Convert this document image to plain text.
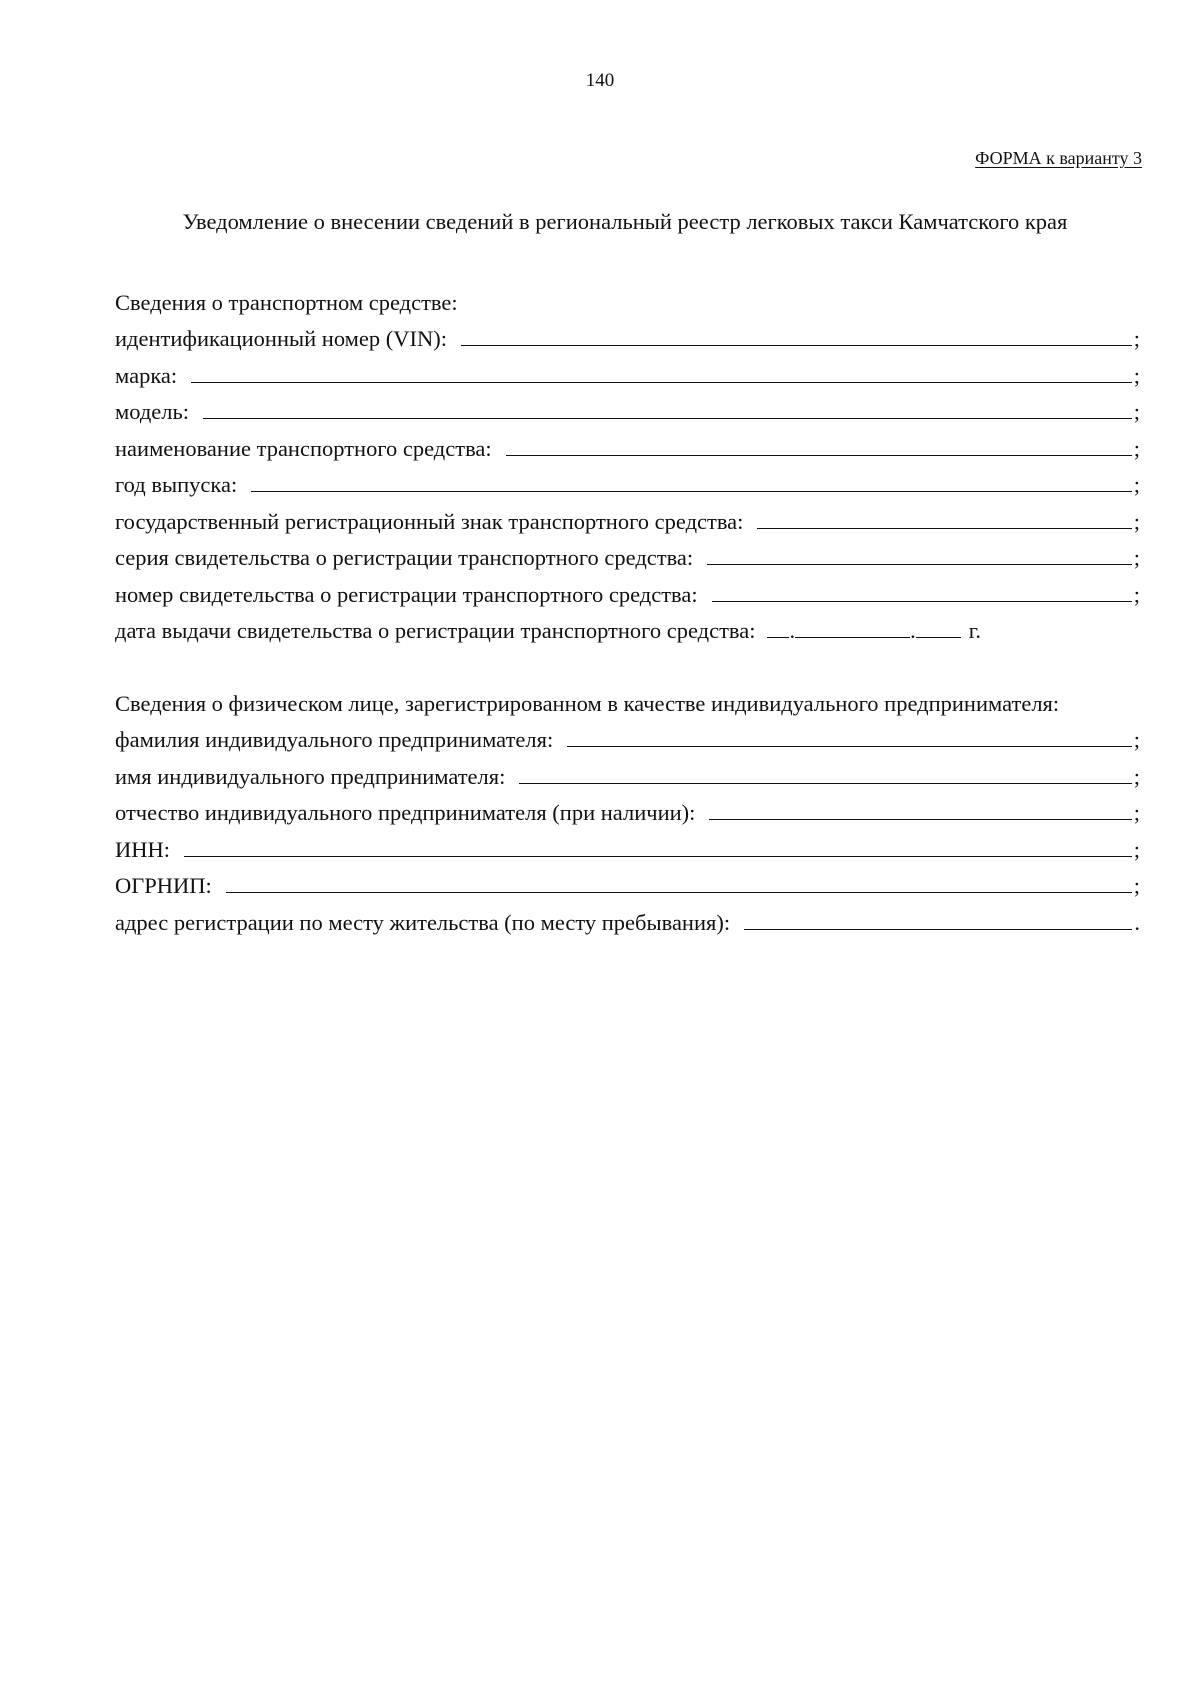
140
ФОРМА к варианту 3
Уведомление о внесении сведений в региональный реестр легковых такси Камчатского края
Сведения о транспортном средстве:
идентификационный номер (VIN):	;
марка:	;
модель:	;
наименование транспортного средства:	;
год выпуска:	;
государственный регистрационный знак транспортного средства:	;
серия свидетельства о регистрации транспортного средства:	;
номер свидетельства о регистрации транспортного средства:	;
дата выдачи свидетельства о регистрации транспортного средства: .	.	г.
Сведения о физическом лице, зарегистрированном в качестве индивидуального предпринимателя:
фамилия индивидуального предпринимателя:	;
имя индивидуального предпринимателя:	;
отчество индивидуального предпринимателя (при наличии):	;
ИНН:	;
ОГРНИП:	;
адрес регистрации по месту жительства (по месту пребывания):	.
